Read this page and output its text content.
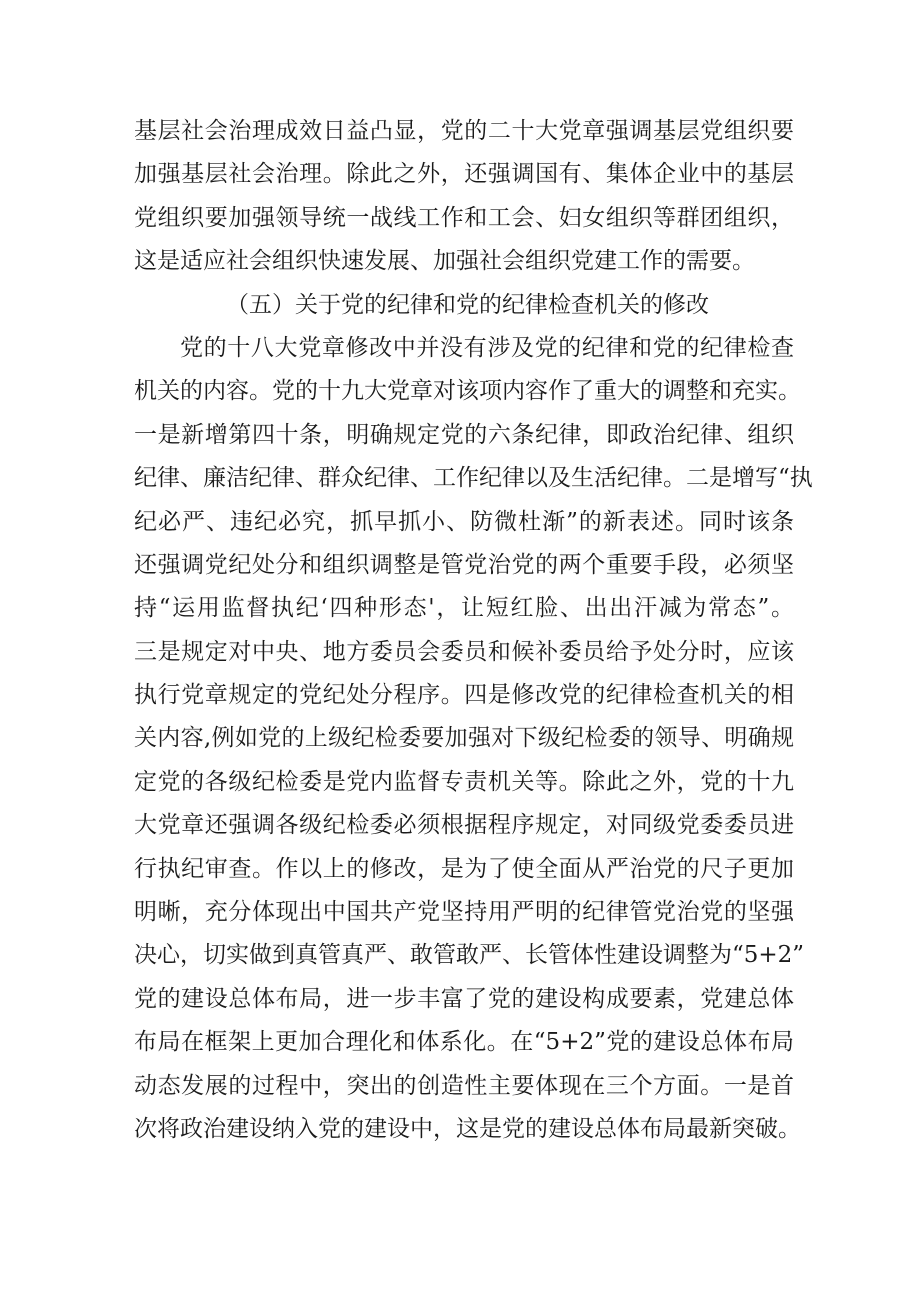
基层社会治理成效日益凸显，党的二十大党章强调基层党组织要
加强基层社会治理。除此之外，还强调国有、集体企业中的基层
党组织要加强领导统一战线工作和工会、妇女组织等群团组织，
这是适应社会组织快速发展、加强社会组织党建工作的需要。
（五）关于党的纪律和党的纪律检查机关的修改
党的十八大党章修改中并没有涉及党的纪律和党的纪律检查
机关的内容。党的十九大党章对该项内容作了重大的调整和充实。
一是新增第四十条，明确规定党的六条纪律，即政治纪律、组织
纪律、廉洁纪律、群众纪律、工作纪律以及生活纪律。二是增写“执
纪必严、违纪必究，抓早抓小、防微杜渐”的新表述。同时该条
还强调党纪处分和组织调整是管党治党的两个重要手段，必须坚
持“运用监督执纪‘四种形态'，让短红脸、出出汗减为常态”。
三是规定对中央、地方委员会委员和候补委员给予处分时，应该
执行党章规定的党纪处分程序。四是修改党的纪律检查机关的相
关内容,例如党的上级纪检委要加强对下级纪检委的领导、明确规
定党的各级纪检委是党内监督专责机关等。除此之外，党的十九
大党章还强调各级纪检委必须根据程序规定，对同级党委委员进
行执纪审查。作以上的修改，是为了使全面从严治党的尺子更加
明晰，充分体现出中国共产党坚持用严明的纪律管党治党的坚强
决心，切实做到真管真严、敢管敢严、长管体性建设调整为“5+2”
党的建设总体布局，进一步丰富了党的建设构成要素，党建总体
布局在框架上更加合理化和体系化。在“5+2”党的建设总体布局
动态发展的过程中，突出的创造性主要体现在三个方面。一是首
次将政治建设纳入党的建设中，这是党的建设总体布局最新突破。
